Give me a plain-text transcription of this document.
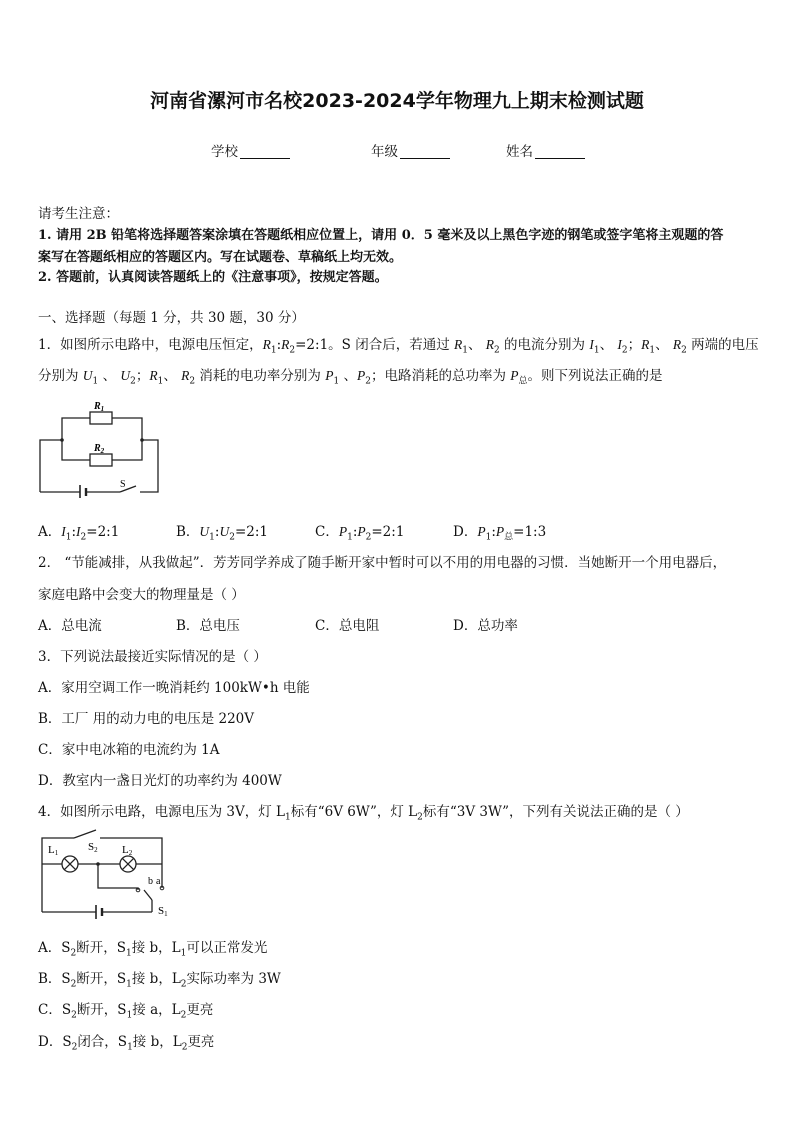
河南省漯河市名校2023-2024学年物理九上期末检测试题
学校	年级	姓名
请考生注意：
1. 请用 2B 铅笔将选择题答案涂填在答题纸相应位置上，请用 0．5 毫米及以上黑色字迹的钢笔或签字笔将主观题的答
案写在答题纸相应的答题区内。写在试题卷、草稿纸上均无效。
2. 答题前，认真阅读答题纸上的《注意事项》，按规定答题。
一、选择题（每题 1 分，共 30 题，30 分）
1．如图所示电路中，电源电压恒定，$R_1:R_2=2:1$。S 闭合后，若通过 $R_1$、 $R_2$ 的电流分别为 $I_1$、 $I_2$；$R_1$、 $R_2$ 两端的电压
分别为 $U_1$ 、 $U_2$；$R_1$、 $R_2$ 消耗的电功率分别为 $P_1$ 、$P_2$；电路消耗的总功率为 $P_总$。则下列说法正确的是
$R_1$
$R_2$
S
A．$I_1:I_2=2:1$	B．$U_1:U_2=2:1$	C．$P_1:P_2=2:1$	D．$P_1:P_总=1:3$
2． “节能减排，从我做起”．芳芳同学养成了随手断开家中暂时可以不用的用电器的习惯．当她断开一个用电器后，
家庭电路中会变大的物理量是（ ）
A．总电流	B．总电压	C．总电阻	D．总功率
3．下列说法最接近实际情况的是（ ）
A．家用空调工作一晚消耗约 100kW•h 电能
B．工厂 用的动力电的电压是 220V
C．家中电冰箱的电流约为 1A
D．教室内一盏日光灯的功率约为 400W
4．如图所示电路，电源电压为 3V，灯 $L_1$标有“6V 6W”，灯 $L_2$标有“3V 3W”，下列有关说法正确的是（ ）
L1	L2
S2
S1
b a
A．$S_2$断开，$S_1$接 b，$L_1$可以正常发光
B．$S_2$断开，$S_1$接 b，$L_2$实际功率为 3W
C．$S_2$断开，$S_1$接 a，$L_2$更亮
D．$S_2$闭合，$S_1$接 b，$L_2$更亮
